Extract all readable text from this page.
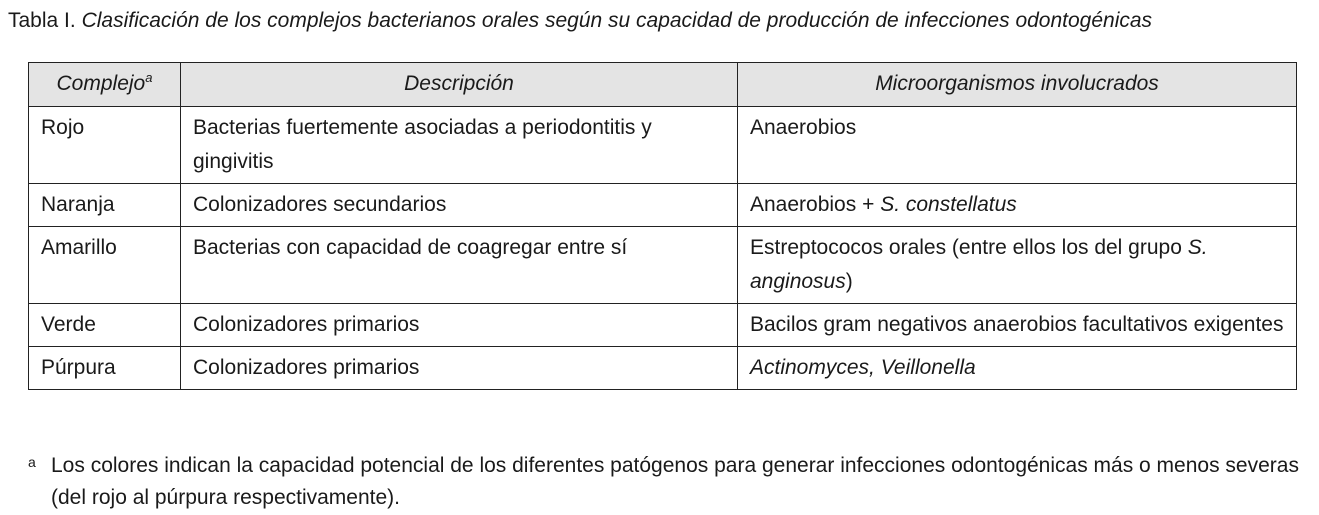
Tabla I. Clasificación de los complejos bacterianos orales según su capacidad de producción de infecciones odontogénicas
Complejo$^a$	Descripción	Microorganismos involucrados
Rojo	Bacterias fuertemente asociadas a periodontitis y gingivitis	Anaerobios
Naranja	Colonizadores secundarios	Anaerobios + S. constellatus
Amarillo	Bacterias con capacidad de coagregar entre sí	Estreptococos orales (entre ellos los del grupo S. anginosus)
Verde	Colonizadores primarios	Bacilos gram negativos anaerobios facultativos exigentes
Púrpura	Colonizadores primarios	Actinomyces, Veillonella
a Los colores indican la capacidad potencial de los diferentes patógenos para generar infecciones odontogénicas más o menos severas (del rojo al púrpura respectivamente).
